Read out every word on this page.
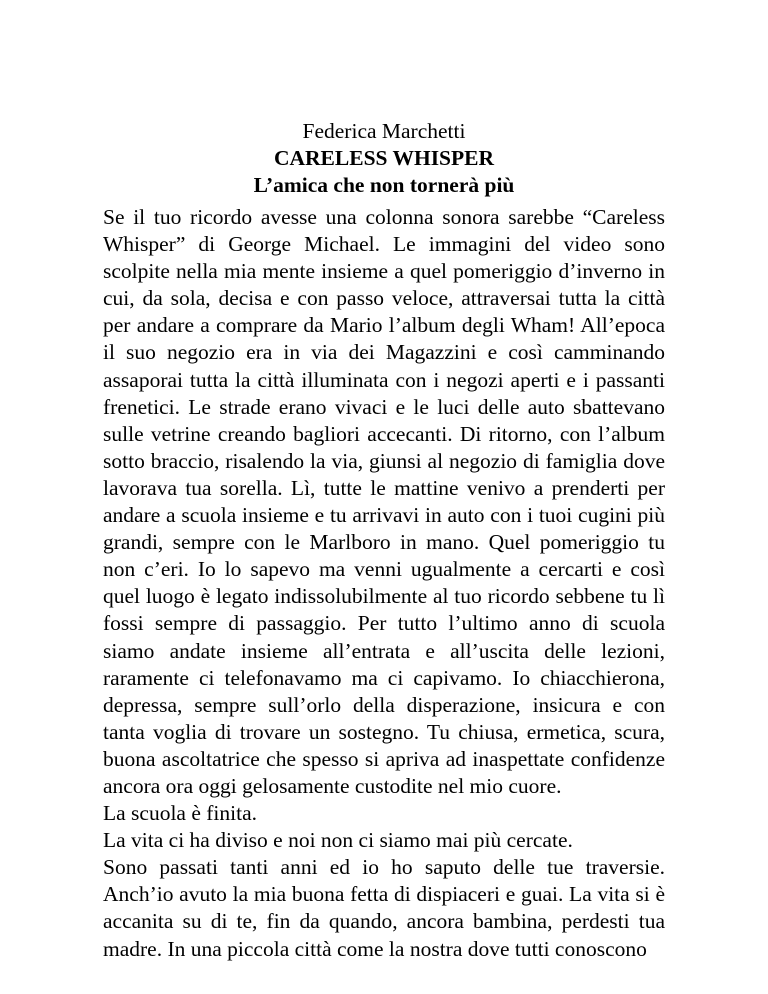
Federica Marchetti
CARELESS WHISPER
L’amica che non tornerà più

Se il tuo ricordo avesse una colonna sonora sarebbe “Careless Whisper” di George Michael. Le immagini del video sono scolpite nella mia mente insieme a quel pomeriggio d’inverno in cui, da sola, decisa e con passo veloce, attraversai tutta la città per andare a comprare da Mario l’album degli Wham! All’epoca il suo negozio era in via dei Magazzini e così camminando assaporai tutta la città illuminata con i negozi aperti e i passanti frenetici. Le strade erano vivaci e le luci delle auto sbattevano sulle vetrine creando bagliori accecanti. Di ritorno, con l’album sotto braccio, risalendo la via, giunsi al negozio di famiglia dove lavorava tua sorella. Lì, tutte le mattine venivo a prenderti per andare a scuola insieme e tu arrivavi in auto con i tuoi cugini più grandi, sempre con le Marlboro in mano. Quel pomeriggio tu non c’eri. Io lo sapevo ma venni ugualmente a cercarti e così quel luogo è legato indissolubilmente al tuo ricordo sebbene tu lì fossi sempre di passaggio. Per tutto l’ultimo anno di scuola siamo andate insieme all’entrata e all’uscita delle lezioni, raramente ci telefonavamo ma ci capivamo. Io chiacchierona, depressa, sempre sull’orlo della disperazione, insicura e con tanta voglia di trovare un sostegno. Tu chiusa, ermetica, scura, buona ascoltatrice che spesso si apriva ad inaspettate confidenze ancora ora oggi gelosamente custodite nel mio cuore.

La scuola è finita.

La vita ci ha diviso e noi non ci siamo mai più cercate.

Sono passati tanti anni ed io ho saputo delle tue traversie. Anch’io avuto la mia buona fetta di dispiaceri e guai. La vita si è accanita su di te, fin da quando, ancora bambina, perdesti tua madre. In una piccola città come la nostra dove tutti conoscono
